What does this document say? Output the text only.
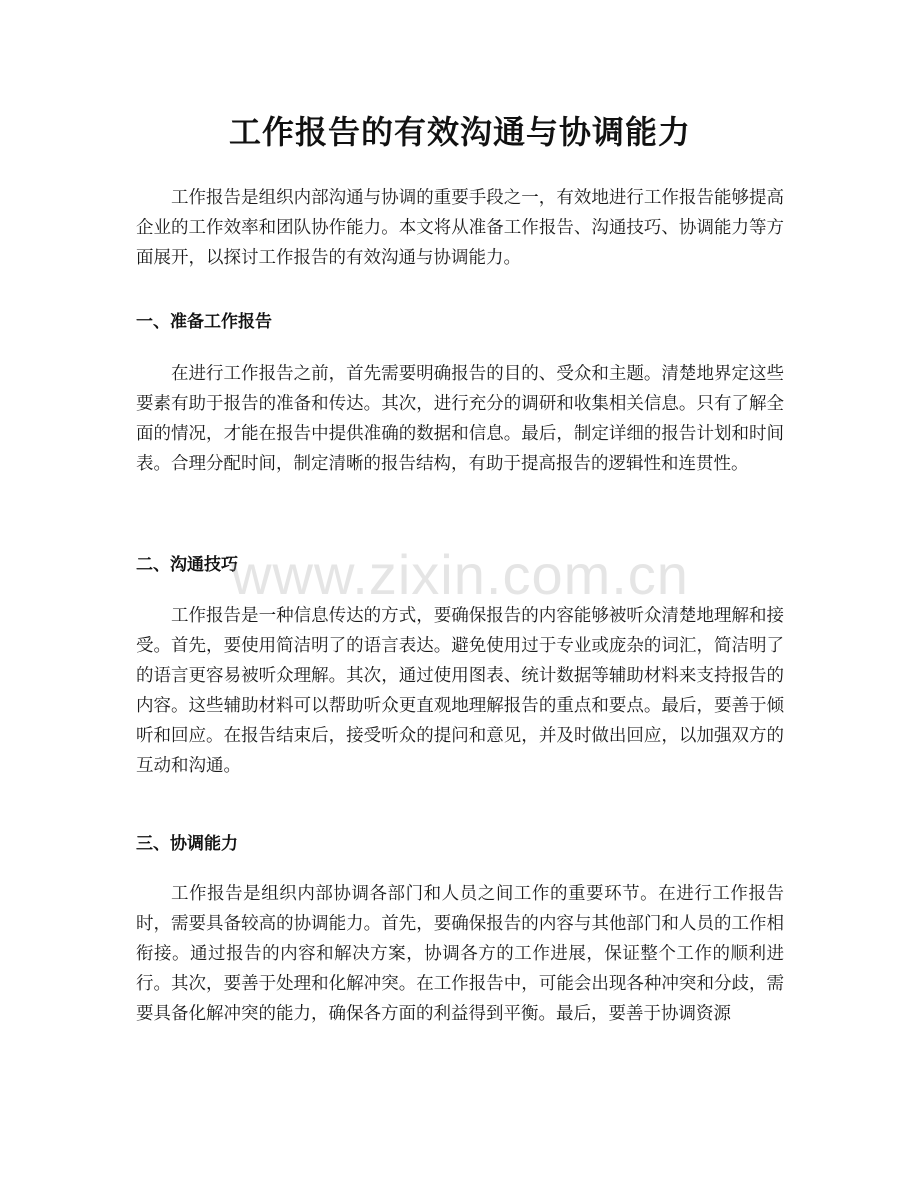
工作报告的有效沟通与协调能力

工作报告是组织内部沟通与协调的重要手段之一，有效地进行工作报告能够提高企业的工作效率和团队协作能力。本文将从准备工作报告、沟通技巧、协调能力等方面展开，以探讨工作报告的有效沟通与协调能力。

一、准备工作报告

在进行工作报告之前，首先需要明确报告的目的、受众和主题。清楚地界定这些要素有助于报告的准备和传达。其次，进行充分的调研和收集相关信息。只有了解全面的情况，才能在报告中提供准确的数据和信息。最后，制定详细的报告计划和时间表。合理分配时间，制定清晰的报告结构，有助于提高报告的逻辑性和连贯性。

二、沟通技巧

工作报告是一种信息传达的方式，要确保报告的内容能够被听众清楚地理解和接受。首先，要使用简洁明了的语言表达。避免使用过于专业或庞杂的词汇，简洁明了的语言更容易被听众理解。其次，通过使用图表、统计数据等辅助材料来支持报告的内容。这些辅助材料可以帮助听众更直观地理解报告的重点和要点。最后，要善于倾听和回应。在报告结束后，接受听众的提问和意见，并及时做出回应，以加强双方的互动和沟通。

三、协调能力

工作报告是组织内部协调各部门和人员之间工作的重要环节。在进行工作报告时，需要具备较高的协调能力。首先，要确保报告的内容与其他部门和人员的工作相衔接。通过报告的内容和解决方案，协调各方的工作进展，保证整个工作的顺利进行。其次，要善于处理和化解冲突。在工作报告中，可能会出现各种冲突和分歧，需要具备化解冲突的能力，确保各方面的利益得到平衡。最后，要善于协调资源

www.zixin.com.cn
